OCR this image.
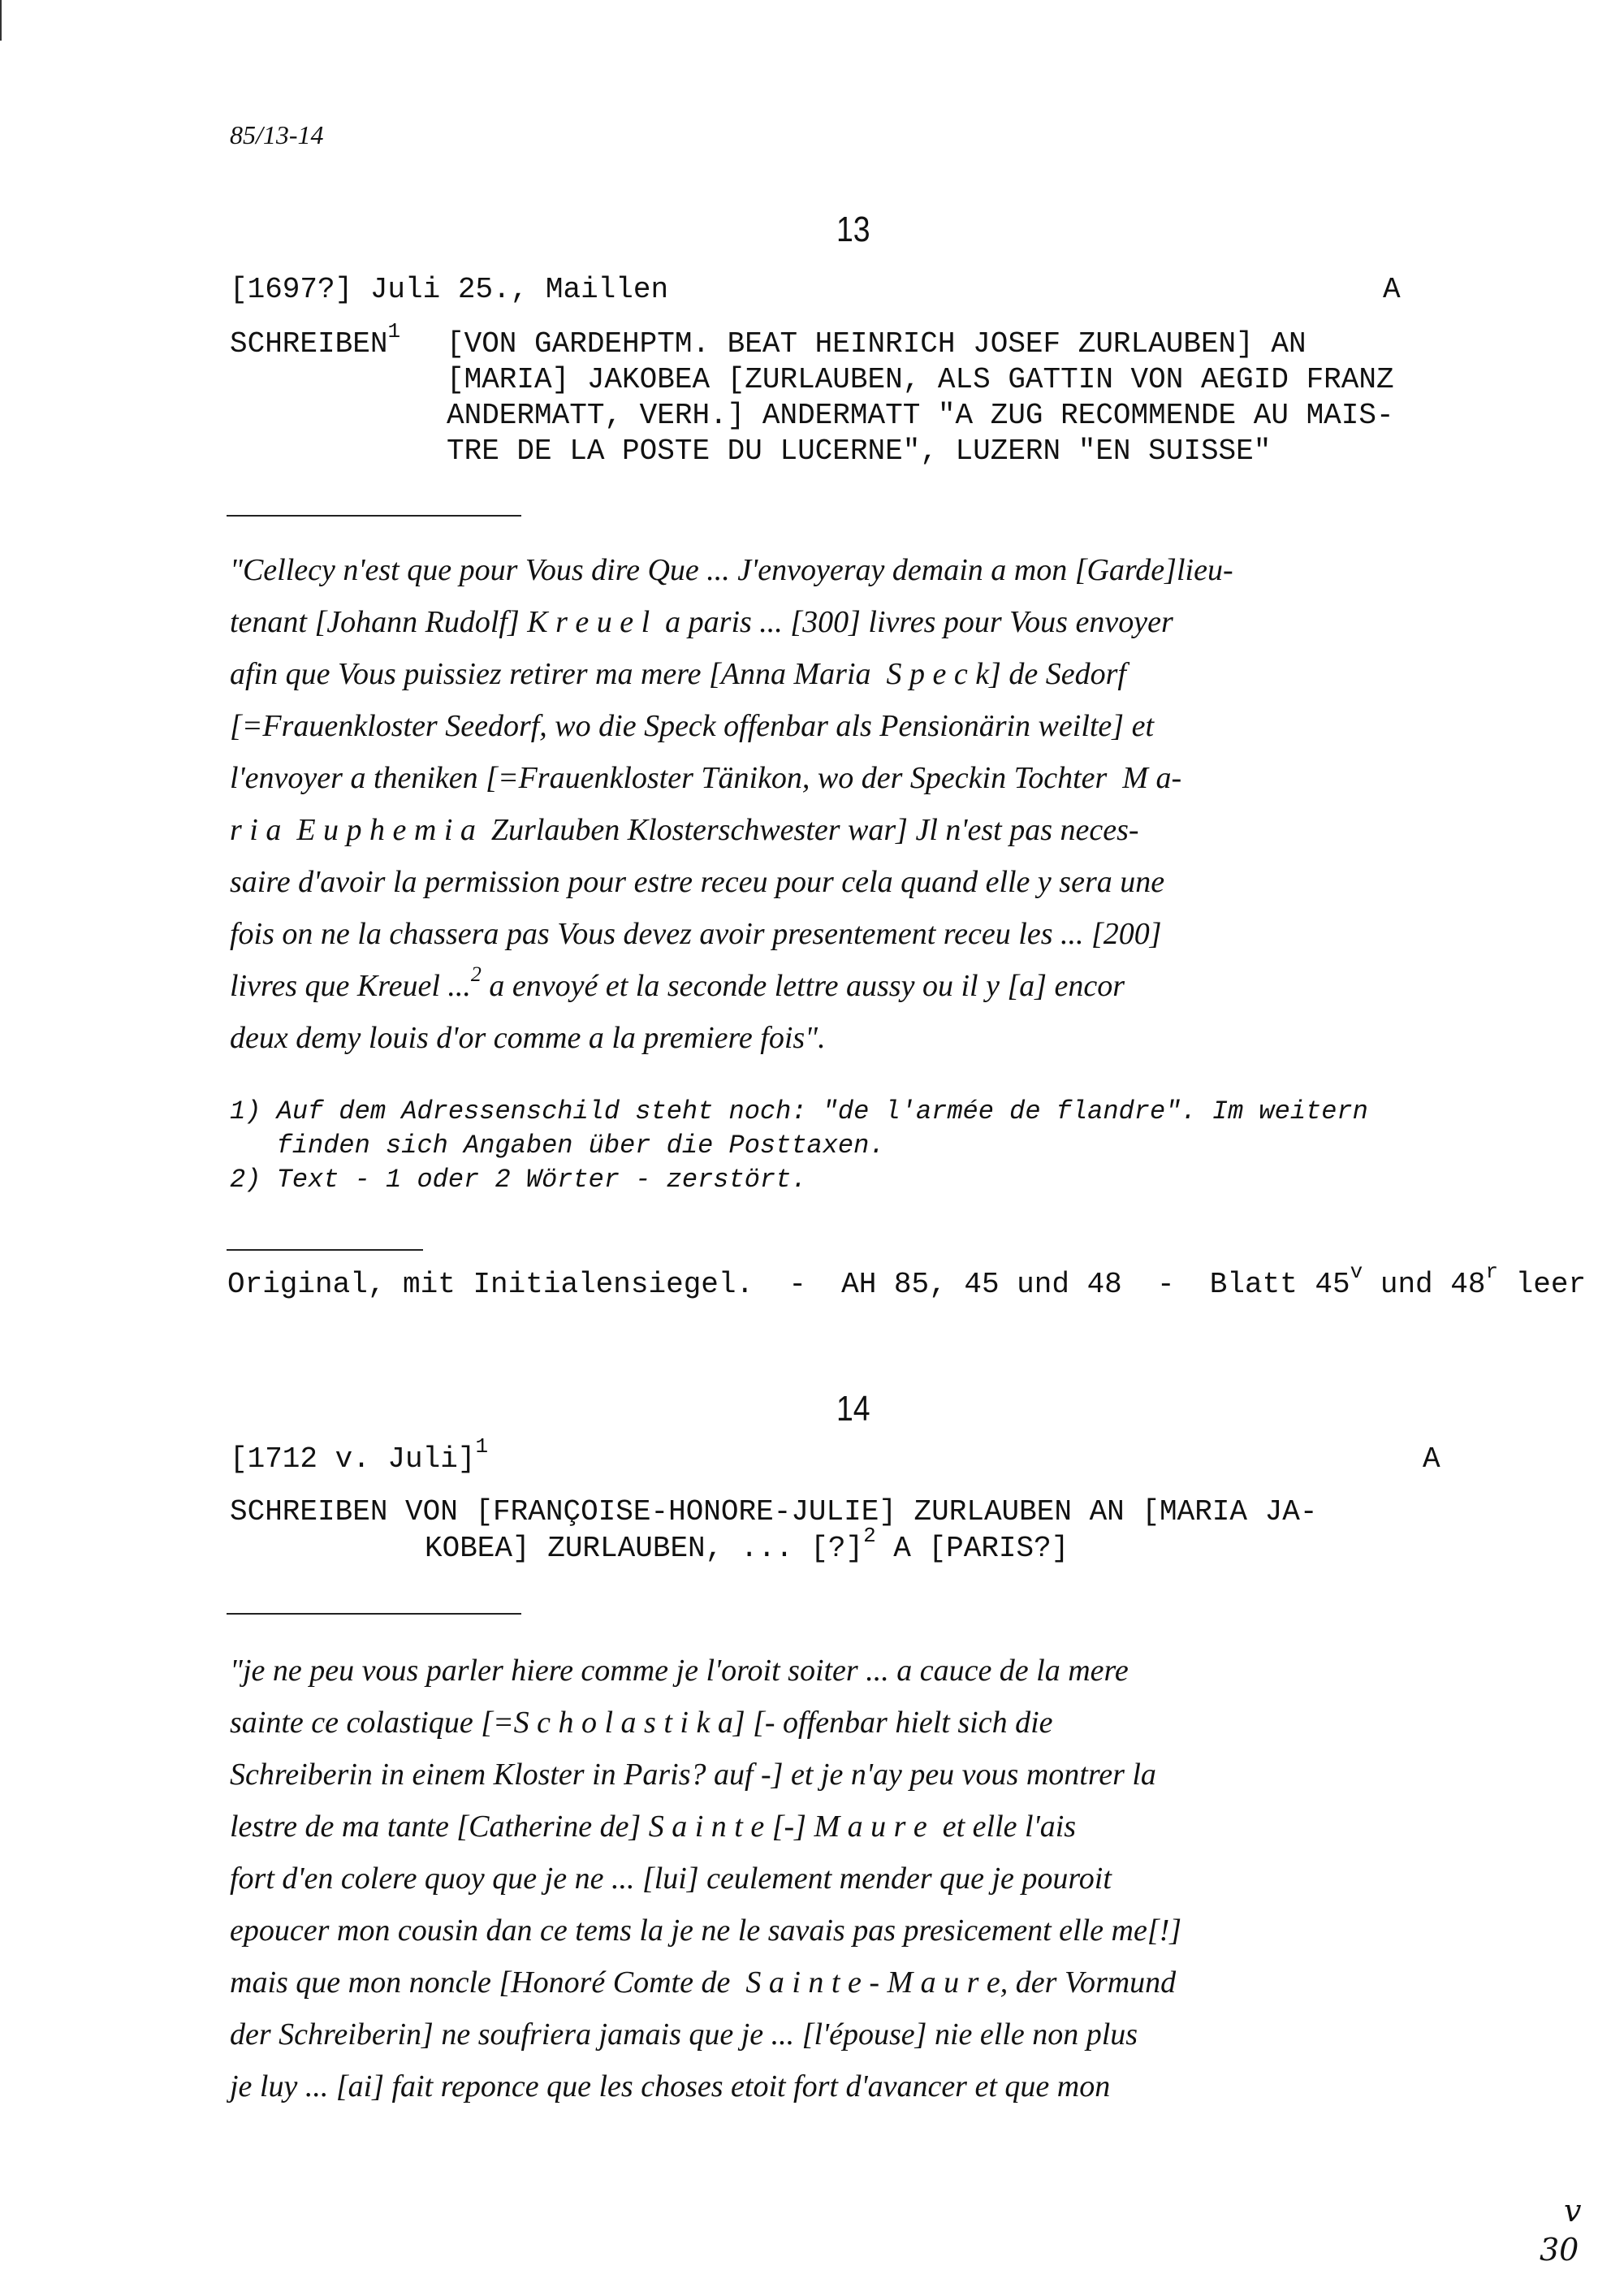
85/13-14
13
[1697?] Juli 25., Maillen	A
SCHREIBEN$^1$ [VON GARDEHPTM. BEAT HEINRICH JOSEF ZURLAUBEN] AN
[MARIA] JAKOBEA [ZURLAUBEN, ALS GATTIN VON AEGID FRANZ
ANDERMATT, VERH.] ANDERMATT "A ZUG RECOMMENDE AU MAIS-
TRE DE LA POSTE DU LUCERNE", LUZERN "EN SUISSE"
"Cellecy n'est que pour Vous dire Que ... J'envoyeray demain a mon [Garde]lieu-
tenant [Johann Rudolf] K r e u e l  a paris ... [300] livres pour Vous envoyer
afin que Vous puissiez retirer ma mere [Anna Maria  S p e c k] de Sedorf
[=Frauenkloster Seedorf, wo die Speck offenbar als Pensionärin weilte] et
l'envoyer a theniken [=Frauenkloster Tänikon, wo der Speckin Tochter  M a-
r i a  E u p h e m i a  Zurlauben Klosterschwester war] Jl n'est pas neces-
saire d'avoir la permission pour estre receu pour cela quand elle y sera une
fois on ne la chassera pas Vous devez avoir presentement receu les ... [200]
livres que Kreuel ...$^2$ a envoyé et la seconde lettre aussy ou il y [a] encor
deux demy louis d'or comme a la premiere fois".
1) Auf dem Adressenschild steht noch: "de l'armée de flandre". Im weitern
finden sich Angaben über die Posttaxen.
2) Text - 1 oder 2 Wörter - zerstört.
Original, mit Initialensiegel.  -  AH 85, 45 und 48  -  Blatt 45$^v$ und 48$^r$ leer
14
[1712 v. Juli]$^1$	A
SCHREIBEN VON [FRANÇOISE-HONORE-JULIE] ZURLAUBEN AN [MARIA JA-
KOBEA] ZURLAUBEN, ... [?]$^2$ A [PARIS?]
"je ne peu vous parler hiere comme je l'oroit soiter ... a cauce de la mere
sainte ce colastique [=S c h o l a s t i k a] [- offenbar hielt sich die
Schreiberin in einem Kloster in Paris? auf -] et je n'ay peu vous montrer la
lestre de ma tante [Catherine de] S a i n t e [-] M a u r e  et elle l'ais
fort d'en colere quoy que je ne ... [lui] ceulement mender que je pouroit
epoucer mon cousin dan ce tems la je ne le savais pas presicement elle me[!]
mais que mon noncle [Honoré Comte de  S a i n t e - M a u r e, der Vormund
der Schreiberin] ne soufriera jamais que je ... [l'épouse] nie elle non plus
je luy ... [ai] fait reponce que les choses etoit fort d'avancer et que mon
v
30
